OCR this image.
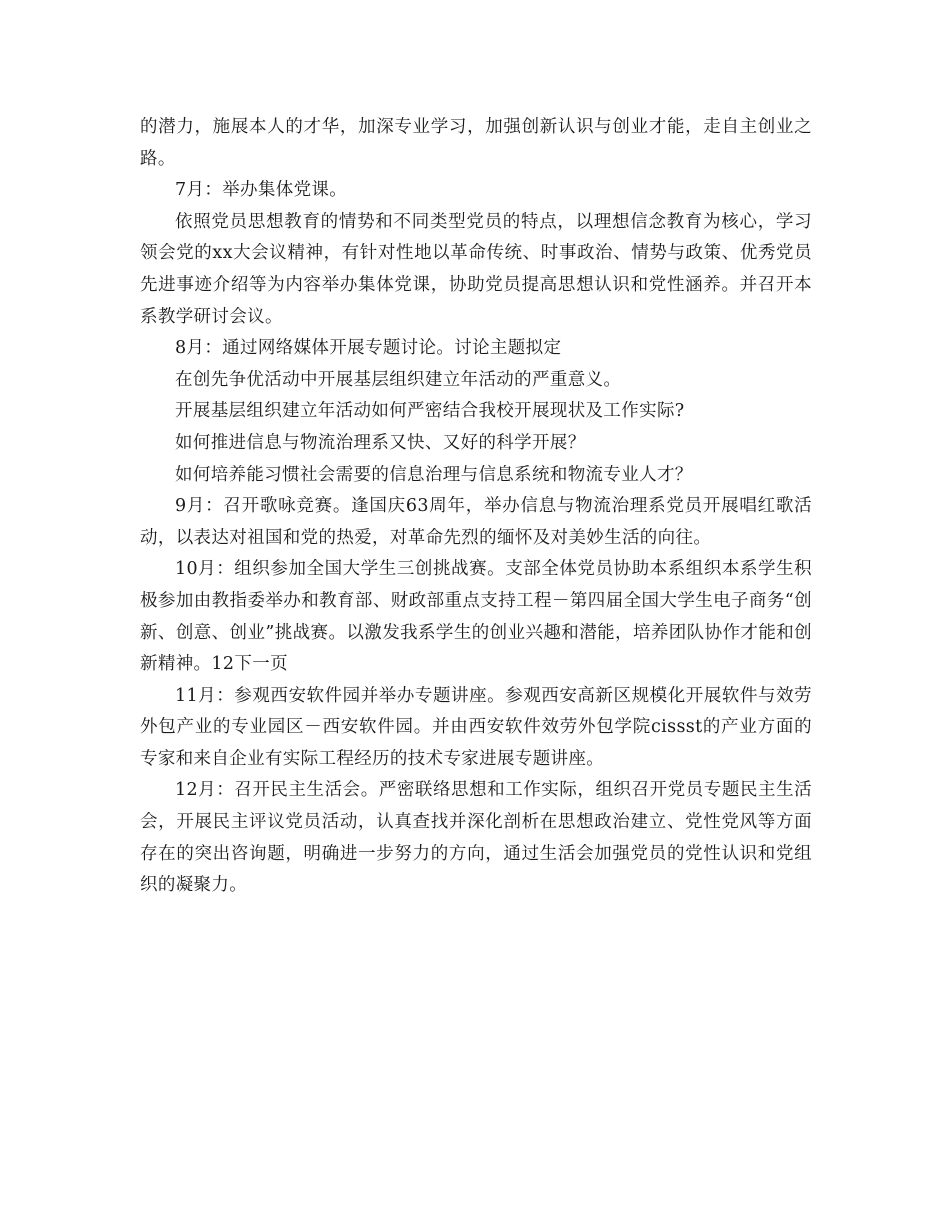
的潜力，施展本人的才华，加深专业学习，加强创新认识与创业才能，走自主创业之路。

7月：举办集体党课。

依照党员思想教育的情势和不同类型党员的特点，以理想信念教育为核心，学习领会党的xx大会议精神，有针对性地以革命传统、时事政治、情势与政策、优秀党员先进事迹介绍等为内容举办集体党课，协助党员提高思想认识和党性涵养。并召开本系教学研讨会议。

8月：通过网络媒体开展专题讨论。讨论主题拟定

在创先争优活动中开展基层组织建立年活动的严重意义。

开展基层组织建立年活动如何严密结合我校开展现状及工作实际?

如何推进信息与物流治理系又快、又好的科学开展？

如何培养能习惯社会需要的信息治理与信息系统和物流专业人才？

9月：召开歌咏竞赛。逢国庆63周年，举办信息与物流治理系党员开展唱红歌活动，以表达对祖国和党的热爱，对革命先烈的缅怀及对美妙生活的向往。

10月：组织参加全国大学生三创挑战赛。支部全体党员协助本系组织本系学生积极参加由教指委举办和教育部、财政部重点支持工程－第四届全国大学生电子商务“创新、创意、创业”挑战赛。以激发我系学生的创业兴趣和潜能，培养团队协作才能和创新精神。12下一页

11月：参观西安软件园并举办专题讲座。参观西安高新区规模化开展软件与效劳外包产业的专业园区－西安软件园。并由西安软件效劳外包学院cissst的产业方面的专家和来自企业有实际工程经历的技术专家进展专题讲座。

12月：召开民主生活会。严密联络思想和工作实际，组织召开党员专题民主生活会，开展民主评议党员活动，认真查找并深化剖析在思想政治建立、党性党风等方面存在的突出咨询题，明确进一步努力的方向，通过生活会加强党员的党性认识和党组织的凝聚力。
